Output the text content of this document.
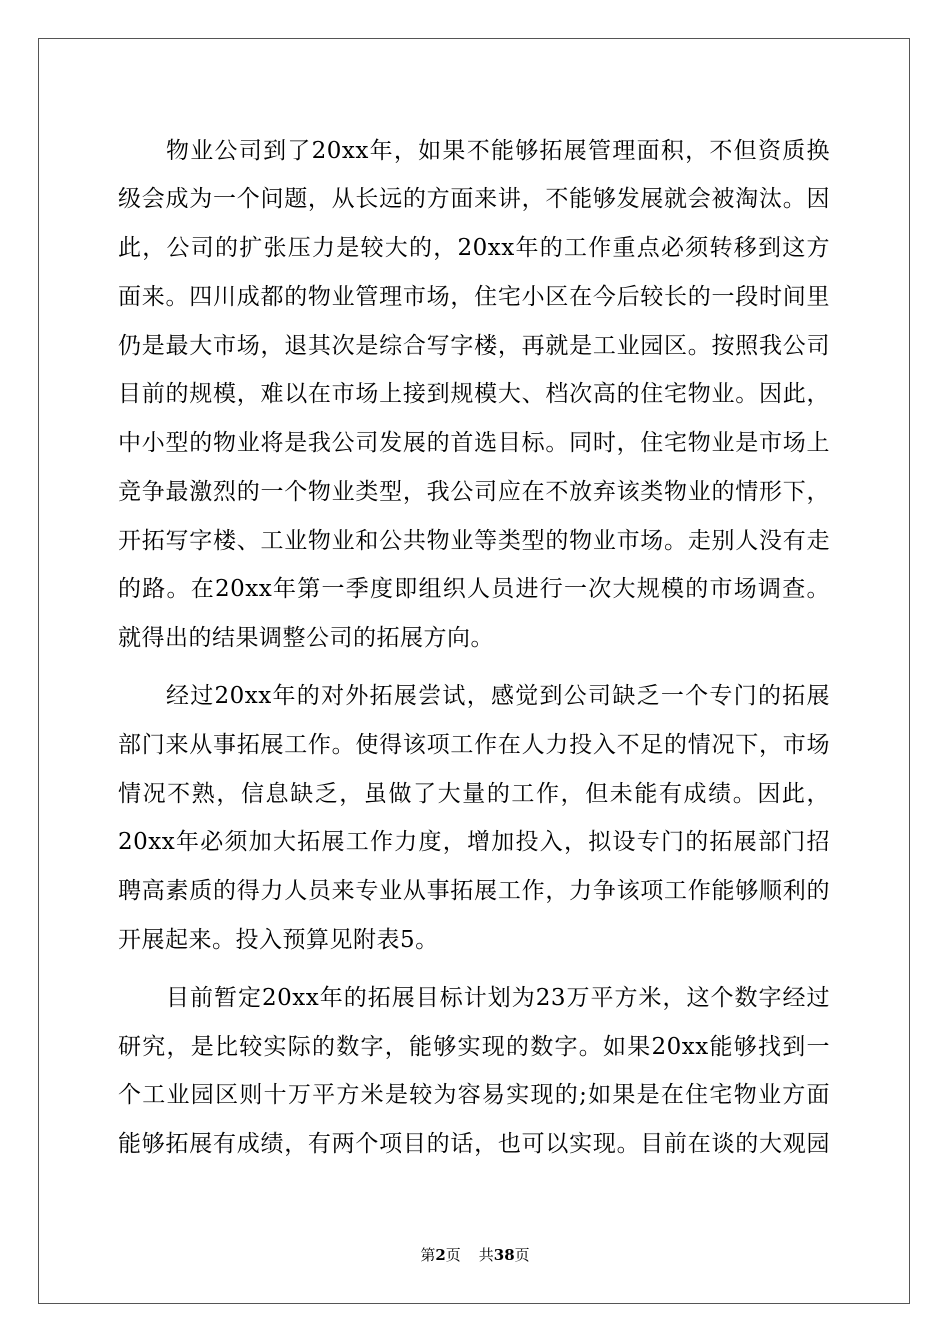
物业公司到了20xx年，如果不能够拓展管理面积，不但资质换
级会成为一个问题，从长远的方面来讲，不能够发展就会被淘汰。因
此，公司的扩张压力是较大的，20xx年的工作重点必须转移到这方
面来。四川成都的物业管理市场，住宅小区在今后较长的一段时间里
仍是最大市场，退其次是综合写字楼，再就是工业园区。按照我公司
目前的规模，难以在市场上接到规模大、档次高的住宅物业。因此，
中小型的物业将是我公司发展的首选目标。同时，住宅物业是市场上
竞争最激烈的一个物业类型，我公司应在不放弃该类物业的情形下，
开拓写字楼、工业物业和公共物业等类型的物业市场。走别人没有走
的路。在20xx年第一季度即组织人员进行一次大规模的市场调查。
就得出的结果调整公司的拓展方向。
经过20xx年的对外拓展尝试，感觉到公司缺乏一个专门的拓展
部门来从事拓展工作。使得该项工作在人力投入不足的情况下，市场
情况不熟，信息缺乏，虽做了大量的工作，但未能有成绩。因此，
20xx年必须加大拓展工作力度，增加投入，拟设专门的拓展部门招
聘高素质的得力人员来专业从事拓展工作，力争该项工作能够顺利的
开展起来。投入预算见附表5。
目前暂定20xx年的拓展目标计划为23万平方米，这个数字经过
研究，是比较实际的数字，能够实现的数字。如果20xx能够找到一
个工业园区则十万平方米是较为容易实现的;如果是在住宅物业方面
能够拓展有成绩，有两个项目的话，也可以实现。目前在谈的大观园
第2页 共38页
